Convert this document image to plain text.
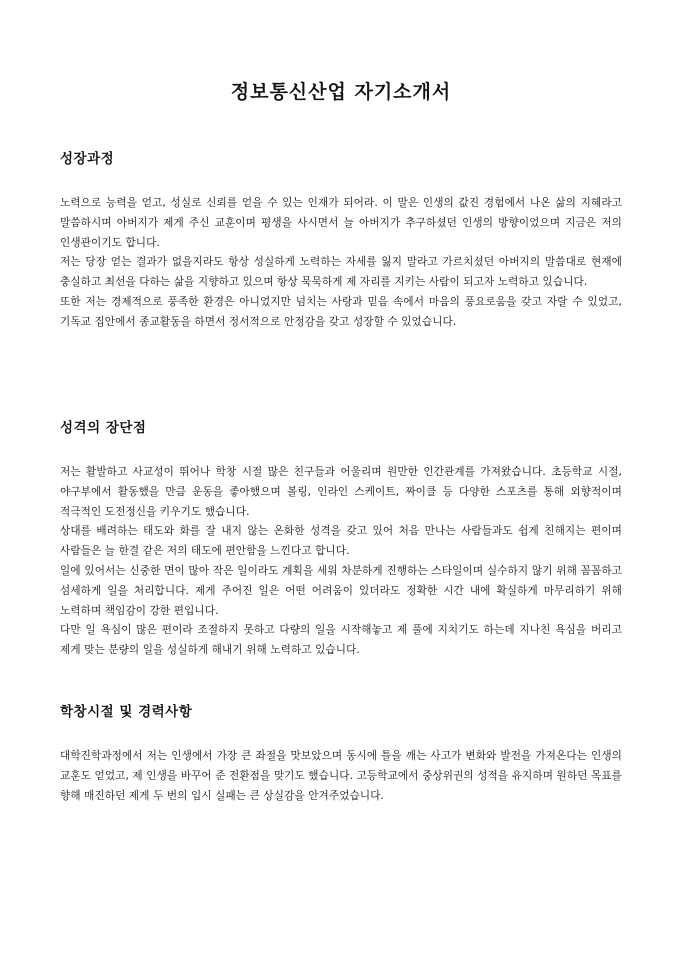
정보통신산업 자기소개서
성장과정

노력으로 능력을 얻고, 성실로 신뢰를 얻을 수 있는 인재가 되어라. 이 말은 인생의 값진 경험에서 나온 삶의 지혜라고 말씀하시며 아버지가 제게 주신 교훈이며 평생을 사시면서 늘 아버지가 추구하셨던 인생의 방향이었으며 지금은 저의 인생관이기도 합니다.

저는 당장 얻는 결과가 없을지라도 항상 성실하게 노력하는 자세를 잃지 말라고 가르치셨던 아버지의 말씀대로 현재에 충실하고 최선을 다하는 삶을 지향하고 있으며 항상 묵묵하게 제 자리를 지키는 사람이 되고자 노력하고 있습니다.

또한 저는 경제적으로 풍족한 환경은 아니었지만 넘치는 사랑과 믿음 속에서 마음의 풍요로움을 갖고 자랄 수 있었고, 기독교 집안에서 종교활동을 하면서 정서적으로 안정감을 갖고 성장할 수 있었습니다.

성격의 장단점

저는 활발하고 사교성이 뛰어나 학창 시절 많은 친구들과 어울리며 원만한 인간관계를 가져왔습니다. 초등학교 시절, 야구부에서 활동했을 만큼 운동을 좋아했으며 볼링, 인라인 스케이트, 짜이클 등 다양한 스포츠를 통해 외향적이며 적극적인 도전정신을 키우기도 했습니다.

상대를 배려하는 태도와 화를 잘 내지 않는 온화한 성격을 갖고 있어 처음 만나는 사람들과도 쉽게 친해지는 편이며 사람들은 늘 한결 같은 저의 태도에 편안함을 느낀다고 합니다.

일에 있어서는 신중한 면이 많아 작은 일이라도 계획을 세워 차분하게 진행하는 스타일이며 실수하지 않기 위해 꼼꼼하고 섬세하게 일을 처리합니다. 제게 주어진 일은 어떤 어려움이 있더라도 정확한 시간 내에 확실하게 마무리하기 위해 노력하며 책임감이 강한 편입니다.

다만 일 욕심이 많은 편이라 조절하지 못하고 다량의 일을 시작해놓고 제 풀에 지치기도 하는데 지나친 욕심을 버리고 제게 맞는 분량의 일을 성실하게 해내기 위해 노력하고 있습니다.

학창시절 및 경력사항

대학진학과정에서 저는 인생에서 가장 큰 좌절을 맛보았으며 동시에 틀을 깨는 사고가 변화와 발전을 가져온다는 인생의 교훈도 얻었고, 제 인생을 바꾸어 준 전환점을 맞기도 했습니다. 고등학교에서 중상위권의 성적을 유지하며 원하던 목표를 향해 매진하던 제게 두 번의 입시 실패는 큰 상실감을 안겨주었습니다.
